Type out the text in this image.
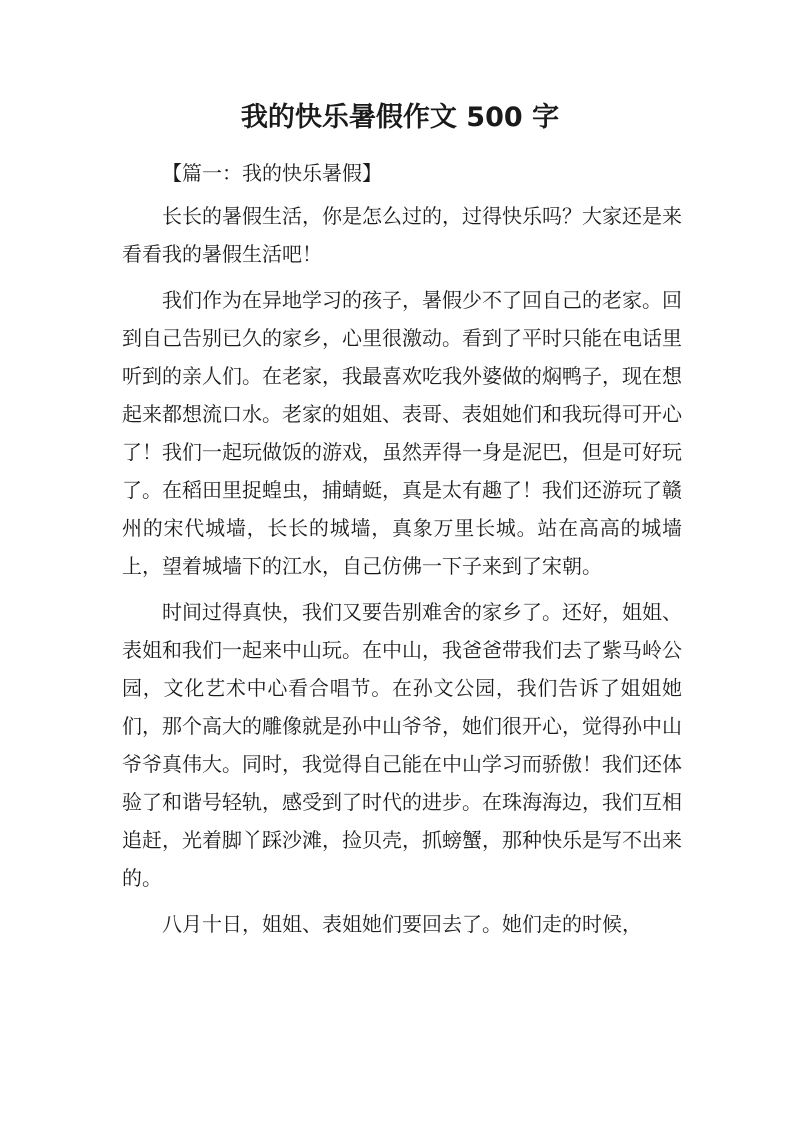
我的快乐暑假作文 500 字

【篇一：我的快乐暑假】

长长的暑假生活，你是怎么过的，过得快乐吗？大家还是来看看我的暑假生活吧！

我们作为在异地学习的孩子，暑假少不了回自己的老家。回到自己告别已久的家乡，心里很激动。看到了平时只能在电话里听到的亲人们。在老家，我最喜欢吃我外婆做的焖鸭子，现在想起来都想流口水。老家的姐姐、表哥、表姐她们和我玩得可开心了！我们一起玩做饭的游戏，虽然弄得一身是泥巴，但是可好玩了。在稻田里捉蝗虫，捕蜻蜓，真是太有趣了！我们还游玩了赣州的宋代城墙，长长的城墙，真象万里长城。站在高高的城墙上，望着城墙下的江水，自己仿佛一下子来到了宋朝。

时间过得真快，我们又要告别难舍的家乡了。还好，姐姐、表姐和我们一起来中山玩。在中山，我爸爸带我们去了紫马岭公园，文化艺术中心看合唱节。在孙文公园，我们告诉了姐姐她们，那个高大的雕像就是孙中山爷爷，她们很开心，觉得孙中山爷爷真伟大。同时，我觉得自己能在中山学习而骄傲！我们还体验了和谐号轻轨，感受到了时代的进步。在珠海海边，我们互相追赶，光着脚丫踩沙滩，捡贝壳，抓螃蟹，那种快乐是写不出来的。

八月十日，姐姐、表姐她们要回去了。她们走的时候，
